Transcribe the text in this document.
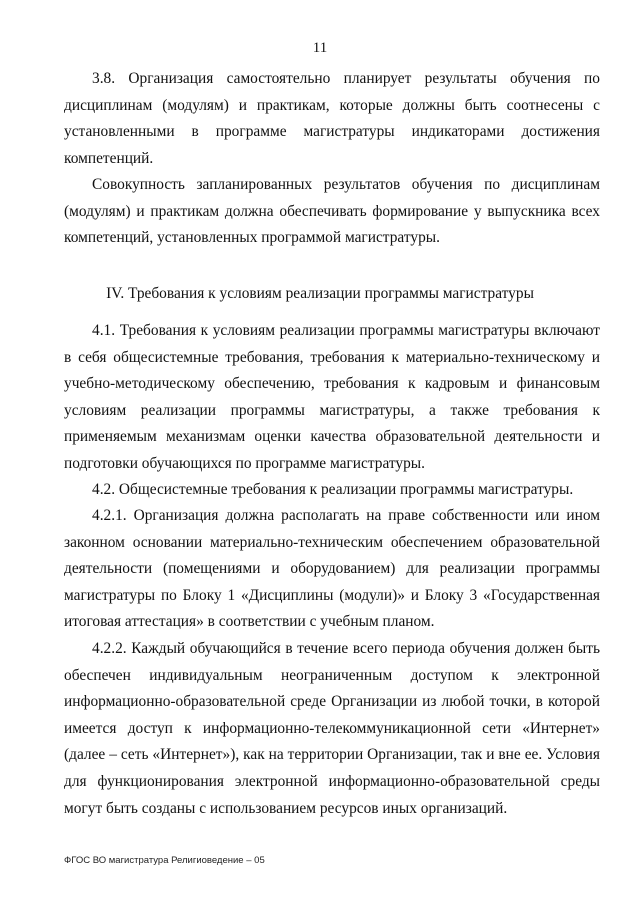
11

3.8. Организация самостоятельно планирует результаты обучения по дисциплинам (модулям) и практикам, которые должны быть соотнесены с установленными в программе магистратуры индикаторами достижения компетенций.

Совокупность запланированных результатов обучения по дисциплинам (модулям) и практикам должна обеспечивать формирование у выпускника всех компетенций, установленных программой магистратуры.

IV. Требования к условиям реализации программы магистратуры

4.1. Требования к условиям реализации программы магистратуры включают в себя общесистемные требования, требования к материально-техническому и учебно-методическому обеспечению, требования к кадровым и финансовым условиям реализации программы магистратуры, а также требования к применяемым механизмам оценки качества образовательной деятельности и подготовки обучающихся по программе магистратуры.

4.2. Общесистемные требования к реализации программы магистратуры.

4.2.1. Организация должна располагать на праве собственности или ином законном основании материально-техническим обеспечением образовательной деятельности (помещениями и оборудованием) для реализации программы магистратуры по Блоку 1 «Дисциплины (модули)» и Блоку 3 «Государственная итоговая аттестация» в соответствии с учебным планом.

4.2.2. Каждый обучающийся в течение всего периода обучения должен быть обеспечен индивидуальным неограниченным доступом к электронной информационно-образовательной среде Организации из любой точки, в которой имеется доступ к информационно-телекоммуникационной сети «Интернет» (далее – сеть «Интернет»), как на территории Организации, так и вне ее. Условия для функционирования электронной информационно-образовательной среды могут быть созданы с использованием ресурсов иных организаций.

ФГОС ВО магистратура Религиоведение – 05
